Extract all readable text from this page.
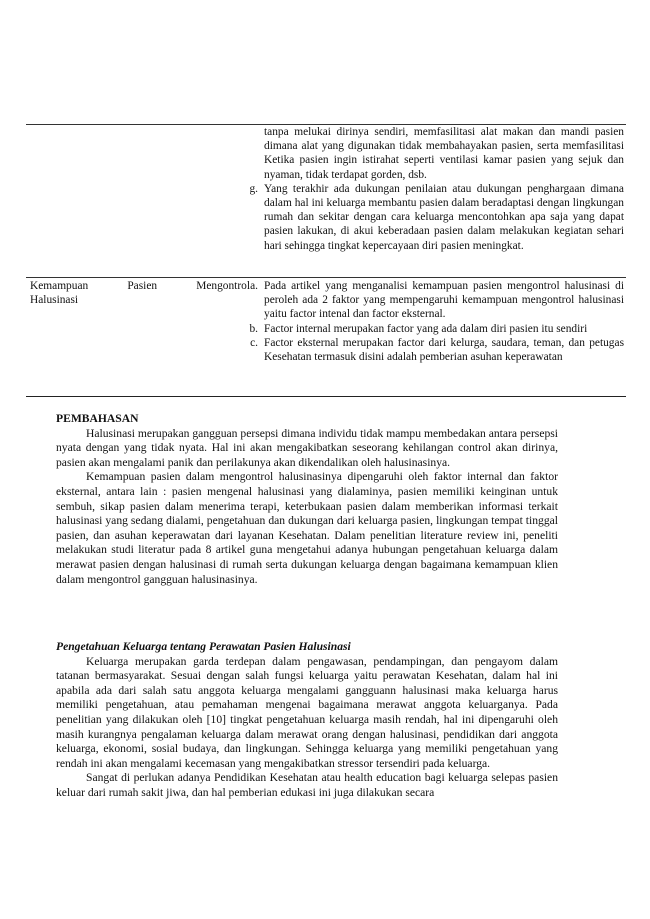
tanpa melukai dirinya sendiri, memfasilitasi alat makan dan mandi pasien dimana alat yang digunakan tidak membahayakan pasien, serta memfasilitasi Ketika pasien ingin istirahat seperti ventilasi kamar pasien yang sejuk dan nyaman, tidak terdapat gorden, dsb.
g. Yang terakhir ada dukungan penilaian atau dukungan penghargaan dimana dalam hal ini keluarga membantu pasien dalam beradaptasi dengan lingkungan rumah dan sekitar dengan cara keluarga mencontohkan apa saja yang dapat pasien lakukan, di akui keberadaan pasien dalam melakukan kegiatan sehari hari sehingga tingkat kepercayaan diri pasien meningkat.
Kemampuan	Pasien	Mengontrol
Halusinasi
a. Pada artikel yang menganalisi kemampuan pasien mengontrol halusinasi di peroleh ada 2 faktor yang mempengaruhi kemampuan mengontrol halusinasi yaitu factor intenal dan factor eksternal.
b. Factor internal merupakan factor yang ada dalam diri pasien itu sendiri
c. Factor eksternal merupakan factor dari kelurga, saudara, teman, dan petugas Kesehatan termasuk disini adalah pemberian asuhan keperawatan

PEMBAHASAN

Halusinasi merupakan gangguan persepsi dimana individu tidak mampu membedakan antara persepsi nyata dengan yang tidak nyata. Hal ini akan mengakibatkan seseorang kehilangan control akan dirinya, pasien akan mengalami panik dan perilakunya akan dikendalikan oleh halusinasinya.

Kemampuan pasien dalam mengontrol halusinasinya dipengaruhi oleh faktor internal dan faktor eksternal, antara lain : pasien mengenal halusinasi yang dialaminya, pasien memiliki keinginan untuk sembuh, sikap pasien dalam menerima terapi, keterbukaan pasien dalam memberikan informasi terkait halusinasi yang sedang dialami, pengetahuan dan dukungan dari keluarga pasien, lingkungan tempat tinggal pasien, dan asuhan keperawatan dari layanan Kesehatan. Dalam penelitian literature review ini, peneliti melakukan studi literatur pada 8 artikel guna mengetahui adanya hubungan pengetahuan keluarga dalam merawat pasien dengan halusinasi di rumah serta dukungan keluarga dengan bagaimana kemampuan klien dalam mengontrol gangguan halusinasinya.

Pengetahuan Keluarga tentang Perawatan Pasien Halusinasi

Keluarga merupakan garda terdepan dalam pengawasan, pendampingan, dan pengayom dalam tatanan bermasyarakat. Sesuai dengan salah fungsi keluarga yaitu perawatan Kesehatan, dalam hal ini apabila ada dari salah satu anggota keluarga mengalami gangguann halusinasi maka keluarga harus memiliki pengetahuan, atau pemahaman mengenai bagaimana merawat anggota keluarganya. Pada penelitian yang dilakukan oleh [10] tingkat pengetahuan keluarga masih rendah, hal ini dipengaruhi oleh masih kurangnya pengalaman keluarga dalam merawat orang dengan halusinasi, pendidikan dari anggota keluarga, ekonomi, sosial budaya, dan lingkungan. Sehingga keluarga yang memiliki pengetahuan yang rendah ini akan mengalami kecemasan yang mengakibatkan stressor tersendiri pada keluarga.

Sangat di perlukan adanya Pendidikan Kesehatan atau health education bagi keluarga selepas pasien keluar dari rumah sakit jiwa, dan hal pemberian edukasi ini juga dilakukan secara
